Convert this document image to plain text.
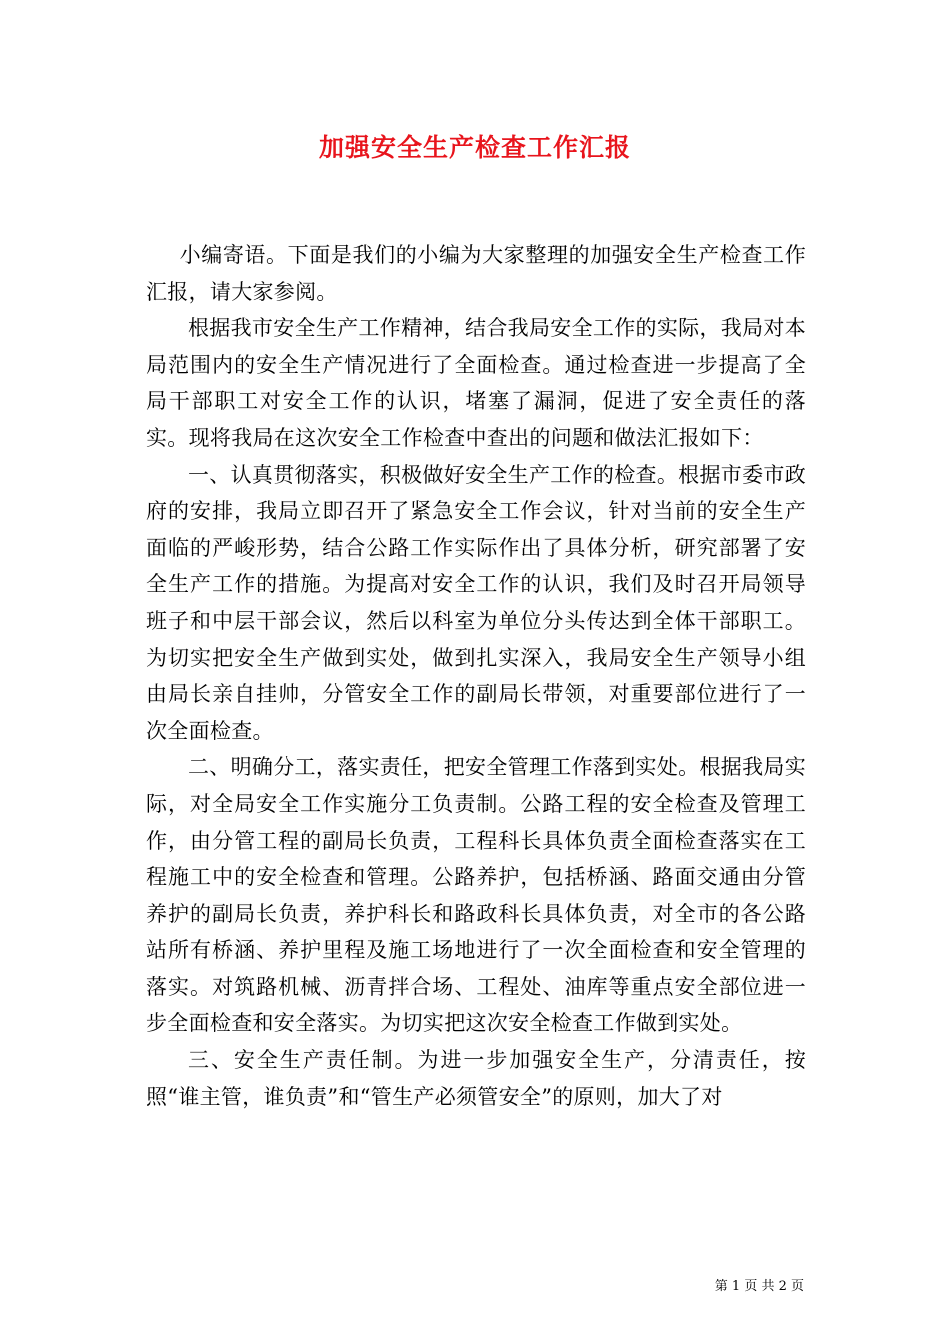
加强安全生产检查工作汇报

小编寄语。下面是我们的小编为大家整理的加强安全生产检查工作汇报，请大家参阅。

根据我市安全生产工作精神，结合我局安全工作的实际，我局对本局范围内的安全生产情况进行了全面检查。通过检查进一步提高了全局干部职工对安全工作的认识，堵塞了漏洞，促进了安全责任的落实。现将我局在这次安全工作检查中查出的问题和做法汇报如下：

一、认真贯彻落实，积极做好安全生产工作的检查。根据市委市政府的安排，我局立即召开了紧急安全工作会议，针对当前的安全生产面临的严峻形势，结合公路工作实际作出了具体分析，研究部署了安全生产工作的措施。为提高对安全工作的认识，我们及时召开局领导班子和中层干部会议，然后以科室为单位分头传达到全体干部职工。为切实把安全生产做到实处，做到扎实深入，我局安全生产领导小组由局长亲自挂帅，分管安全工作的副局长带领，对重要部位进行了一次全面检查。

二、明确分工，落实责任，把安全管理工作落到实处。根据我局实际，对全局安全工作实施分工负责制。公路工程的安全检查及管理工作，由分管工程的副局长负责，工程科长具体负责全面检查落实在工程施工中的安全检查和管理。公路养护，包括桥涵、路面交通由分管养护的副局长负责，养护科长和路政科长具体负责，对全市的各公路站所有桥涵、养护里程及施工场地进行了一次全面检查和安全管理的落实。对筑路机械、沥青拌合场、工程处、油库等重点安全部位进一步全面检查和安全落实。为切实把这次安全检查工作做到实处。

三、安全生产责任制。为进一步加强安全生产，分清责任，按照“谁主管，谁负责”和“管生产必须管安全”的原则，加大了对

第 1 页 共 2 页
